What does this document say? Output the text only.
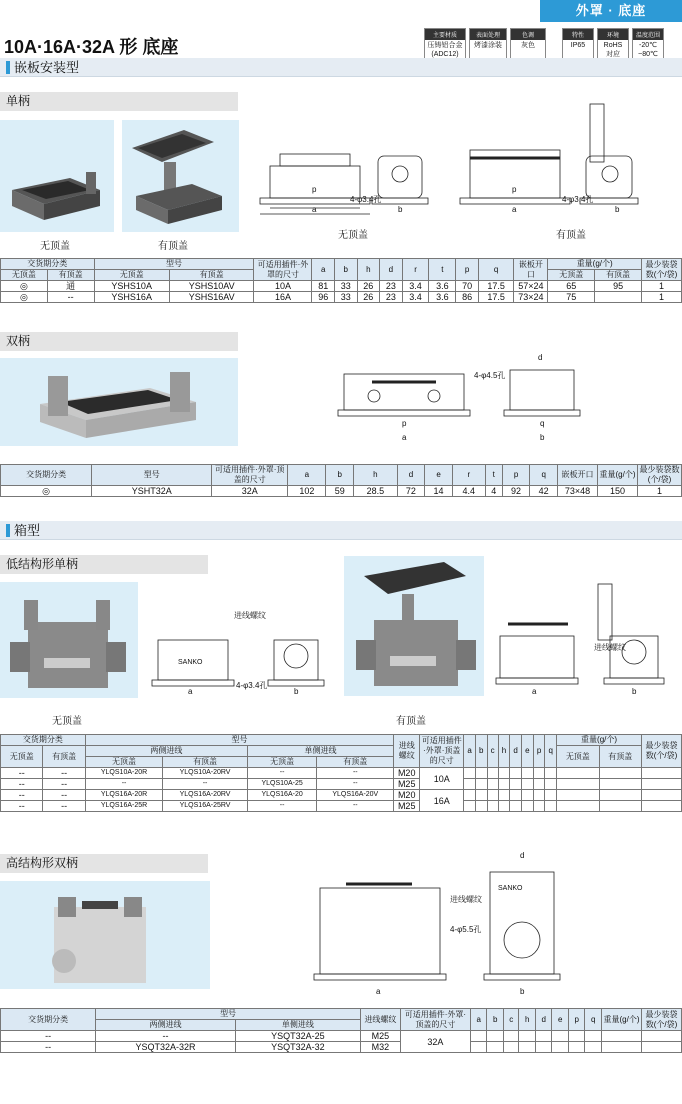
外罩 · 底座
10A·16A·32A 形 底座
主要材质
压铸铝合金 (ADC12)
表面处理
烤漆涂装
色调
灰色
特性
IP65
环境
RoHS 对应
温度范围
-20℃ ~80℃
嵌板安装型
单柄
无顶盖	有顶盖
p
a	b
p
a	b
4-φ3.4孔	4-φ3.4孔
无顶盖	有顶盖
交货期分类		型号		可适用插件·外罩的尺寸	a	b	h	d	r	t	p	q	嵌板开口	重量(g/个)		最少装袋数(个/袋)
无顶盖	有顶盖	无顶盖	有顶盖											无顶盖	有顶盖	
◎	通	YSHS10A	YSHS10AV	10A	81	33	26	23	3.4	3.6	70	17.5	57×24	65	95	1
◎	--	YSHS16A	YSHS16AV	16A	96	33	26	23	3.4	3.6	86	17.5	73×24	75		1
双柄
p
a
q
b
d
4-φ4.5孔
交货期分类	型号	可适用插件·外罩·顶盖的尺寸	a	b	h	d	e	r	t	p	q	嵌板开口	重量(g/个)	最少装袋数(个/袋)
◎	YSHT32A	32A	102	59	28.5	72	14	4.4	4	92	42	73×48	150	1
箱型
低结构形单柄
无顶盖	有顶盖
a	b
进线螺纹
SANKO
4-φ3.4孔
a	b
进线螺纹
交货期分类		型号				进线螺纹	可适用插件·外罩·顶盖的尺寸	a	b	c	h	d	e	p	q	重量(g/个)		最少装袋数(个/袋)
无顶盖	有顶盖	两侧进线		单侧进线												无顶盖	有顶盖	
		无顶盖	有顶盖	无顶盖	有顶盖													
--	--	YLQS10A-20R	YLQS10A-20RV	--	--	M20	10A											
--	--	--	--	YLQS10A-25	--	M25												
--	--	YLQS16A-20R	YLQS16A-20RV	YLQS16A-20	YLQS16A-20V	M20	16A											
--	--	YLQS16A-25R	YLQS16A-25RV	--	--	M25												
高结构形双柄
a	b
d
进线螺纹
4-φ5.5孔
SANKO
交货期分类	型号		进线螺纹	可适用插件·外罩·顶盖的尺寸	a	b	c	h	d	e	p	q	重量(g/个)	最少装袋数(个/袋)
	两侧进线	单侧进线												
--	--	YSQT32A-25	M25	32A										
--	YSQT32A-32R	YSQT32A-32	M32											
